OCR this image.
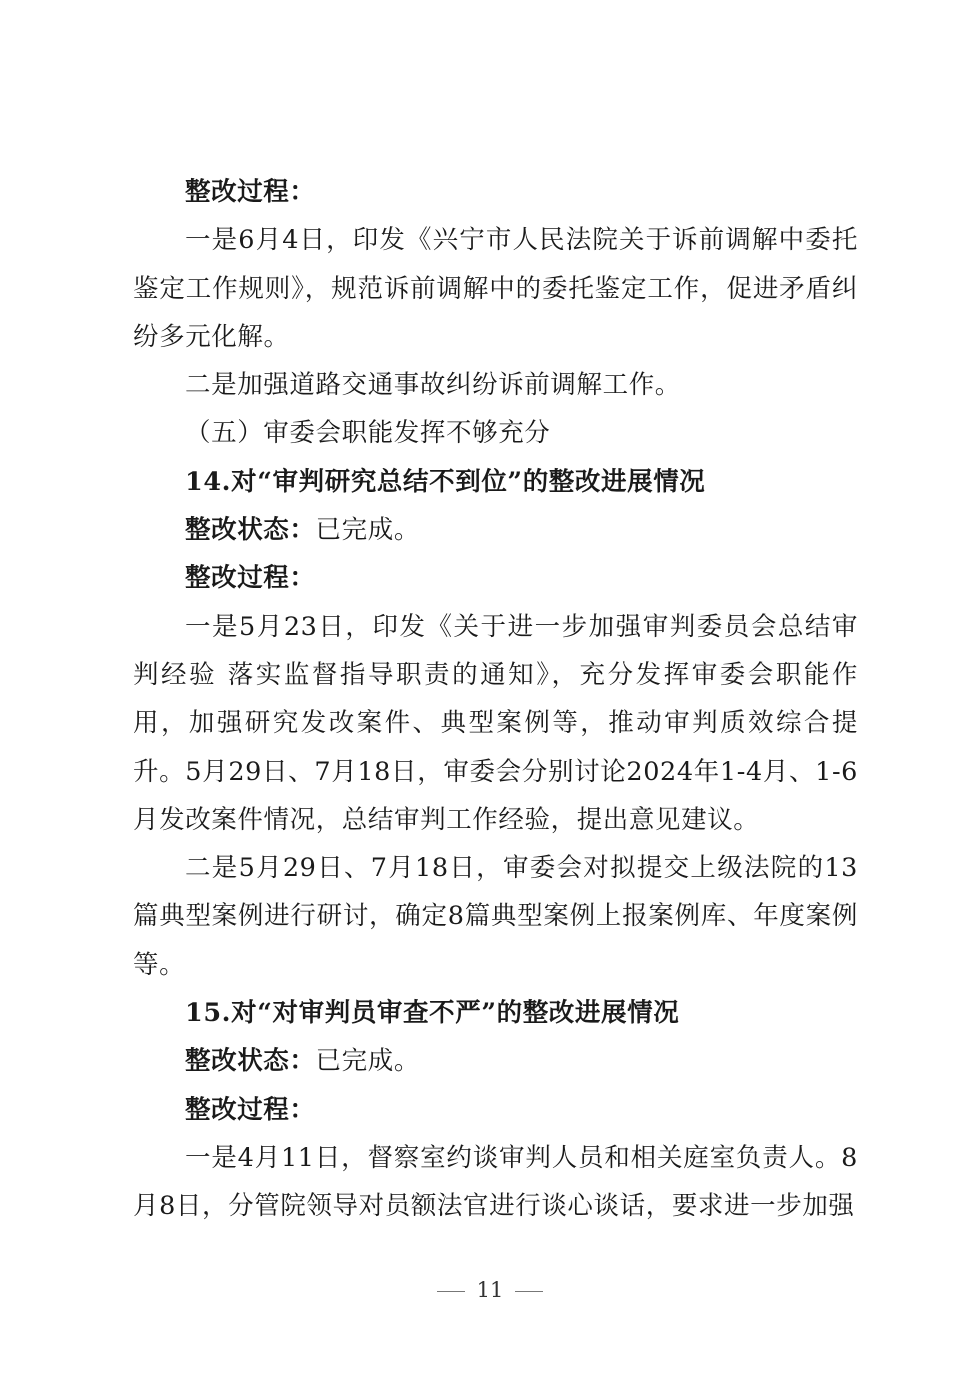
整改过程：

一是6月4日，印发《兴宁市人民法院关于诉前调解中委托鉴定工作规则》，规范诉前调解中的委托鉴定工作，促进矛盾纠纷多元化解。

二是加强道路交通事故纠纷诉前调解工作。

（五）审委会职能发挥不够充分

14.对“审判研究总结不到位”的整改进展情况

整改状态：已完成。

整改过程：

一是5月23日，印发《关于进一步加强审判委员会总结审判经验 落实监督指导职责的通知》，充分发挥审委会职能作用，加强研究发改案件、典型案例等，推动审判质效综合提升。5月29日、7月18日，审委会分别讨论2024年1-4月、1-6月发改案件情况，总结审判工作经验，提出意见建议。

二是5月29日、7月18日，审委会对拟提交上级法院的13篇典型案例进行研讨，确定8篇典型案例上报案例库、年度案例等。

15.对“对审判员审查不严”的整改进展情况

整改状态：已完成。

整改过程：

一是4月11日，督察室约谈审判人员和相关庭室负责人。8月8日，分管院领导对员额法官进行谈心谈话，要求进一步加强

11
